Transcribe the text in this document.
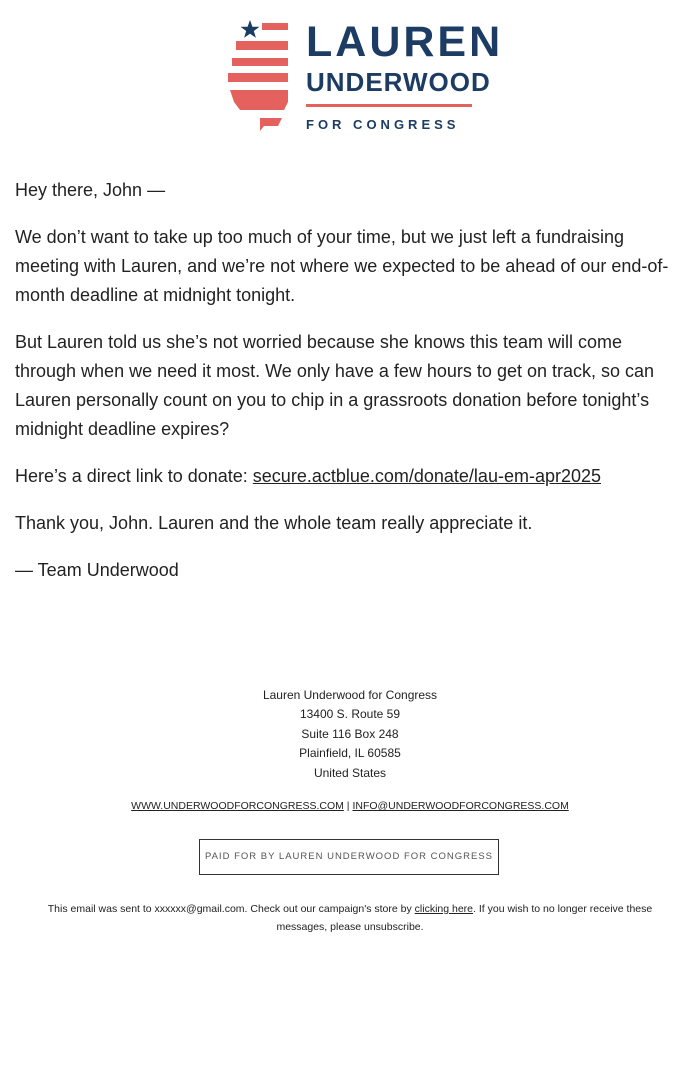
LAUREN
UNDERWOOD
FOR CONGRESS

Hey there, John —

We don’t want to take up too much of your time, but we just left a fundraising meeting with Lauren, and we’re not where we expected to be ahead of our end-of-month deadline at midnight tonight.

But Lauren told us she’s not worried because she knows this team will come through when we need it most. We only have a few hours to get on track, so can Lauren personally count on you to chip in a grassroots donation before tonight’s midnight deadline expires?

Here’s a direct link to donate: secure.actblue.com/donate/lau-em-apr2025

Thank you, John. Lauren and the whole team really appreciate it.

— Team Underwood

Lauren Underwood for Congress
13400 S. Route 59
Suite 116 Box 248
Plainfield, IL 60585
United States
WWW.UNDERWOODFORCONGRESS.COM | INFO@UNDERWOODFORCONGRESS.COM
PAID FOR BY LAUREN UNDERWOOD FOR CONGRESS
This email was sent to xxxxxx@gmail.com. Check out our campaign's store by clicking here. If you wish to no longer receive these messages, please unsubscribe.
